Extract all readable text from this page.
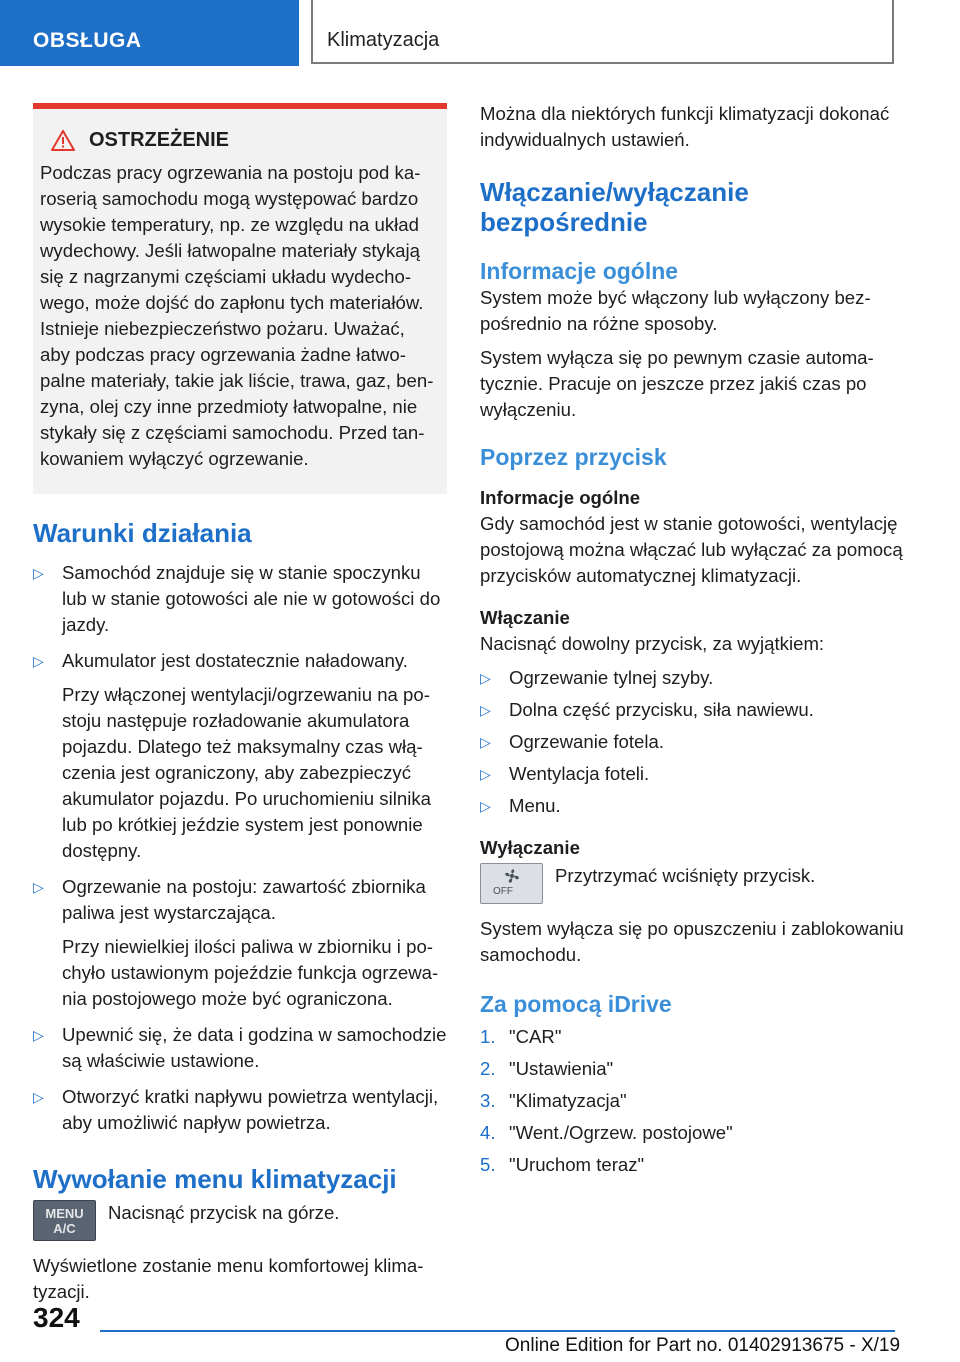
OBSŁUGA	Klimatyzacja
OSTRZEŻENIE
Podczas pracy ogrzewania na postoju pod karoserią samochodu mogą występować bardzo wysokie temperatury, np. ze względu na układ wydechowy. Jeśli łatwopalne materiały stykają się z nagrzanymi częściami układu wydechowego, może dojść do zapłonu tych materiałów. Istnieje niebezpieczeństwo pożaru. Uważać, aby podczas pracy ogrzewania żadne łatwopalne materiały, takie jak liście, trawa, gaz, benzyna, olej czy inne przedmioty łatwopalne, nie stykały się z częściami samochodu. Przed tankowaniem wyłączyć ogrzewanie.
Warunki działania
▷ Samochód znajduje się w stanie spoczynku lub w stanie gotowości ale nie w gotowości do jazdy.
▷ Akumulator jest dostatecznie naładowany.
Przy włączonej wentylacji/ogrzewaniu na postoju następuje rozładowanie akumulatora pojazdu. Dlatego też maksymalny czas włączenia jest ograniczony, aby zabezpieczyć akumulator pojazdu. Po uruchomieniu silnika lub po krótkiej jeździe system jest ponownie dostępny.
▷ Ogrzewanie na postoju: zawartość zbiornika paliwa jest wystarczająca.
Przy niewielkiej ilości paliwa w zbiorniku i pochyło ustawionym pojeździe funkcja ogrzewania postojowego może być ograniczona.
▷ Upewnić się, że data i godzina w samochodzie są właściwie ustawione.
▷ Otworzyć kratki napływu powietrza wentylacji, aby umożliwić napływ powietrza.
Wywołanie menu klimatyzacji
MENU
A/C

Nacisnąć przycisk na górze.

Wyświetlone zostanie menu komfortowej klimatyzacji.

Można dla niektórych funkcji klimatyzacji dokonać indywidualnych ustawień.

Włączanie/wyłączanie bezpośrednie
Informacje ogólne

System może być włączony lub wyłączony bezpośrednio na różne sposoby.

System wyłącza się po pewnym czasie automatycznie. Pracuje on jeszcze przez jakiś czas po wyłączeniu.

Poprzez przycisk
Informacje ogólne

Gdy samochód jest w stanie gotowości, wentylację postojową można włączać lub wyłączać za pomocą przycisków automatycznej klimatyzacji.

Włączanie

Nacisnąć dowolny przycisk, za wyjątkiem:

▷ Ogrzewanie tylnej szyby.
▷ Dolna część przycisku, siła nawiewu.
▷ Ogrzewanie fotela.
▷ Wentylacja foteli.
▷ Menu.
Wyłączanie
OFF

Przytrzymać wciśnięty przycisk.

System wyłącza się po opuszczeniu i zablokowaniu samochodu.

Za pomocą iDrive
1. "CAR"
2. "Ustawienia"
3. "Klimatyzacja"
4. "Went./Ogrzew. postojowe"
5. "Uruchom teraz"
324
Online Edition for Part no. 01402913675 - X/19
